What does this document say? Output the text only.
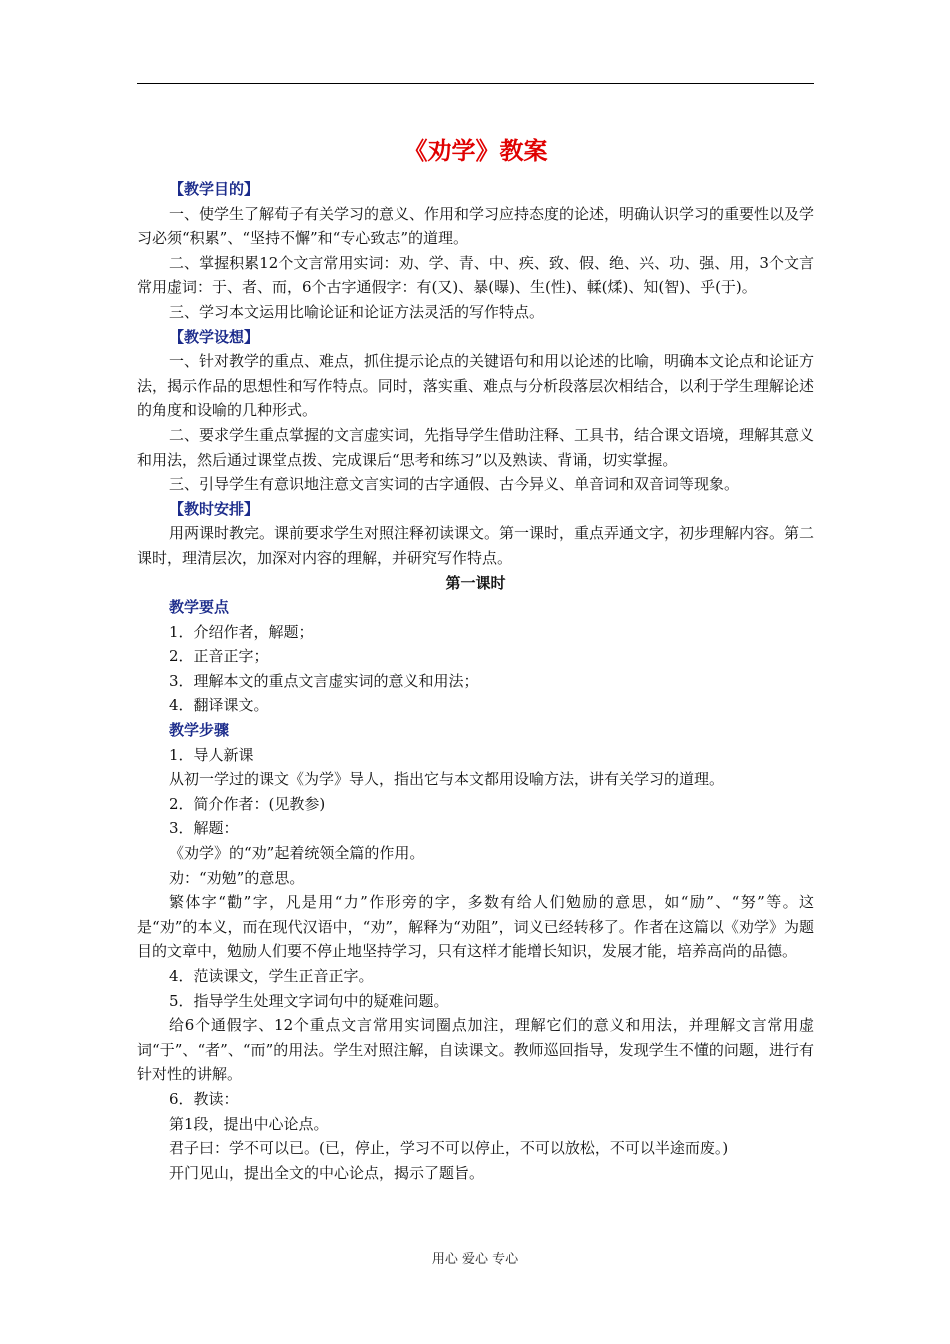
《劝学》教案
【教学目的】
一、使学生了解荀子有关学习的意义、作用和学习应持态度的论述，明确认识学习的重要性以及学习必须“积累”、“坚持不懈”和“专心致志”的道理。
二、掌握积累12个文言常用实词：劝、学、青、中、疾、致、假、绝、兴、功、强、用，3个文言常用虚词：于、者、而，6个古字通假字：有(又)、暴(曝)、生(性)、輮(煣)、知(智)、乎(于)。
三、学习本文运用比喻论证和论证方法灵活的写作特点。
【教学设想】
一、针对教学的重点、难点，抓住提示论点的关键语句和用以论述的比喻，明确本文论点和论证方法，揭示作品的思想性和写作特点。同时，落实重、难点与分析段落层次相结合，以利于学生理解论述的角度和设喻的几种形式。
二、要求学生重点掌握的文言虚实词，先指导学生借助注释、工具书，结合课文语境，理解其意义和用法，然后通过课堂点拨、完成课后“思考和练习”以及熟读、背诵，切实掌握。
三、引导学生有意识地注意文言实词的古字通假、古今异义、单音词和双音词等现象。
【教时安排】
用两课时教完。课前要求学生对照注释初读课文。第一课时，重点弄通文字，初步理解内容。第二课时，理清层次，加深对内容的理解，并研究写作特点。
第一课时
教学要点
1．介绍作者，解题；
2．正音正字；
3．理解本文的重点文言虚实词的意义和用法；
4．翻译课文。
教学步骤
1．导人新课
从初一学过的课文《为学》导人，指出它与本文都用设喻方法，讲有关学习的道理。
2．简介作者：(见教参)
3．解题：
《劝学》的“劝”起着统领全篇的作用。
劝：“劝勉”的意思。
繁体字“勸”字，凡是用“力”作形旁的字，多数有给人们勉励的意思，如“励”、“努”等。这是“劝”的本义，而在现代汉语中，“劝”，解释为“劝阻”，词义已经转移了。作者在这篇以《劝学》为题目的文章中，勉励人们要不停止地坚持学习，只有这样才能增长知识，发展才能，培养高尚的品德。
4．范读课文，学生正音正字。
5．指导学生处理文字词句中的疑难问题。
给6个通假字、12个重点文言常用实词圈点加注，理解它们的意义和用法，并理解文言常用虚词“于”、“者”、“而”的用法。学生对照注解，自读课文。教师巡回指导，发现学生不懂的问题，进行有针对性的讲解。
6．教读：
第1段，提出中心论点。
君子曰：学不可以已。(已，停止，学习不可以停止，不可以放松，不可以半途而废。)
开门见山，提出全文的中心论点，揭示了题旨。
用心 爱心 专心
